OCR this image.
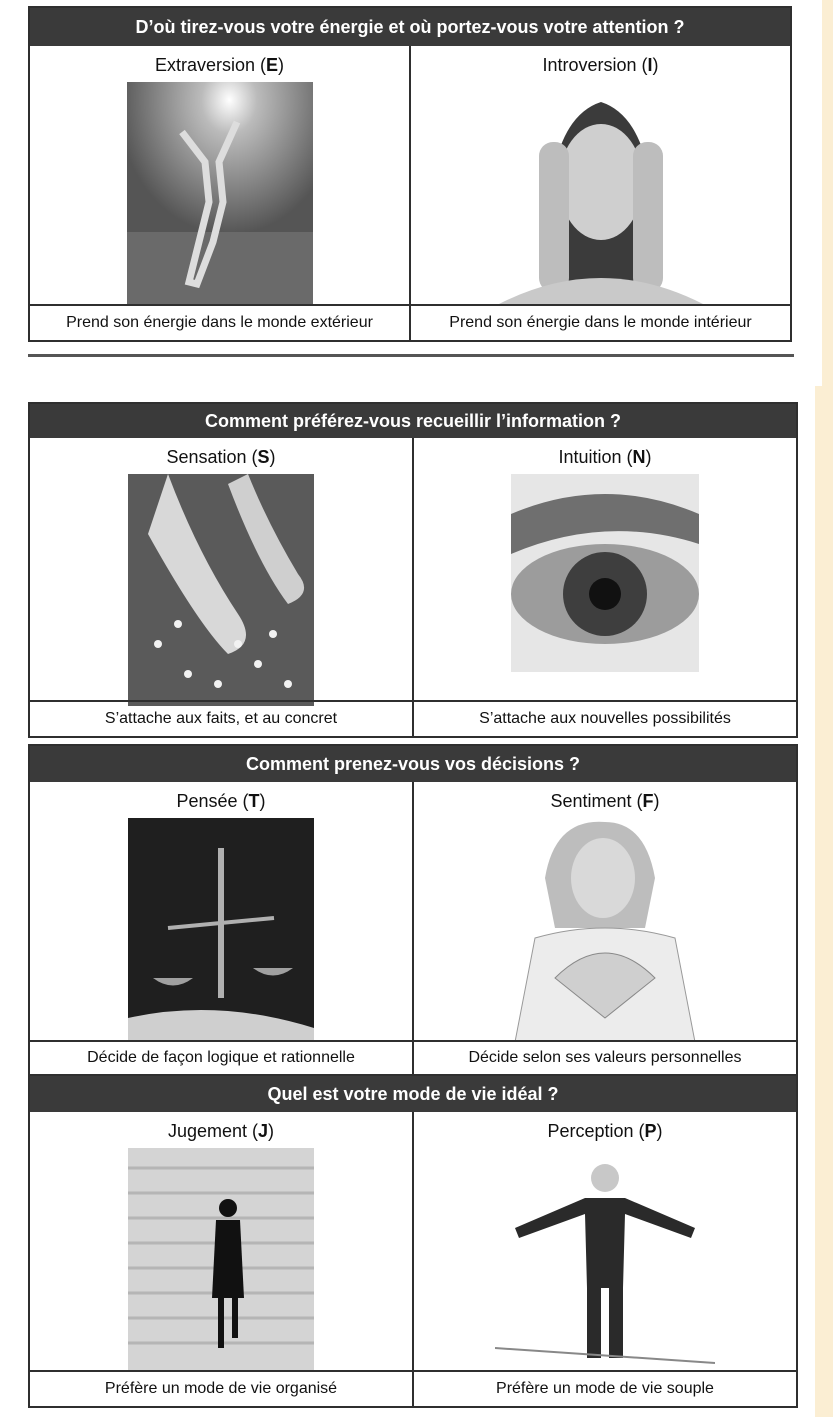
D’où tirez-vous votre énergie et où portez-vous votre attention ?
Extraversion (E)
Prend son énergie dans le monde extérieur
Introversion (I)
Prend son énergie dans le monde intérieur
Comment préférez-vous recueillir l’information ?
Sensation (S)
S’attache aux faits, et au concret
Intuition (N)
S’attache aux nouvelles possibilités
Comment prenez-vous vos décisions ?
Pensée (T)
Décide de façon logique et rationnelle
Sentiment (F)
Décide selon ses valeurs personnelles
Quel est votre mode de vie idéal ?
Jugement (J)
Préfère un mode de vie organisé
Perception (P)
Préfère un mode de vie souple
